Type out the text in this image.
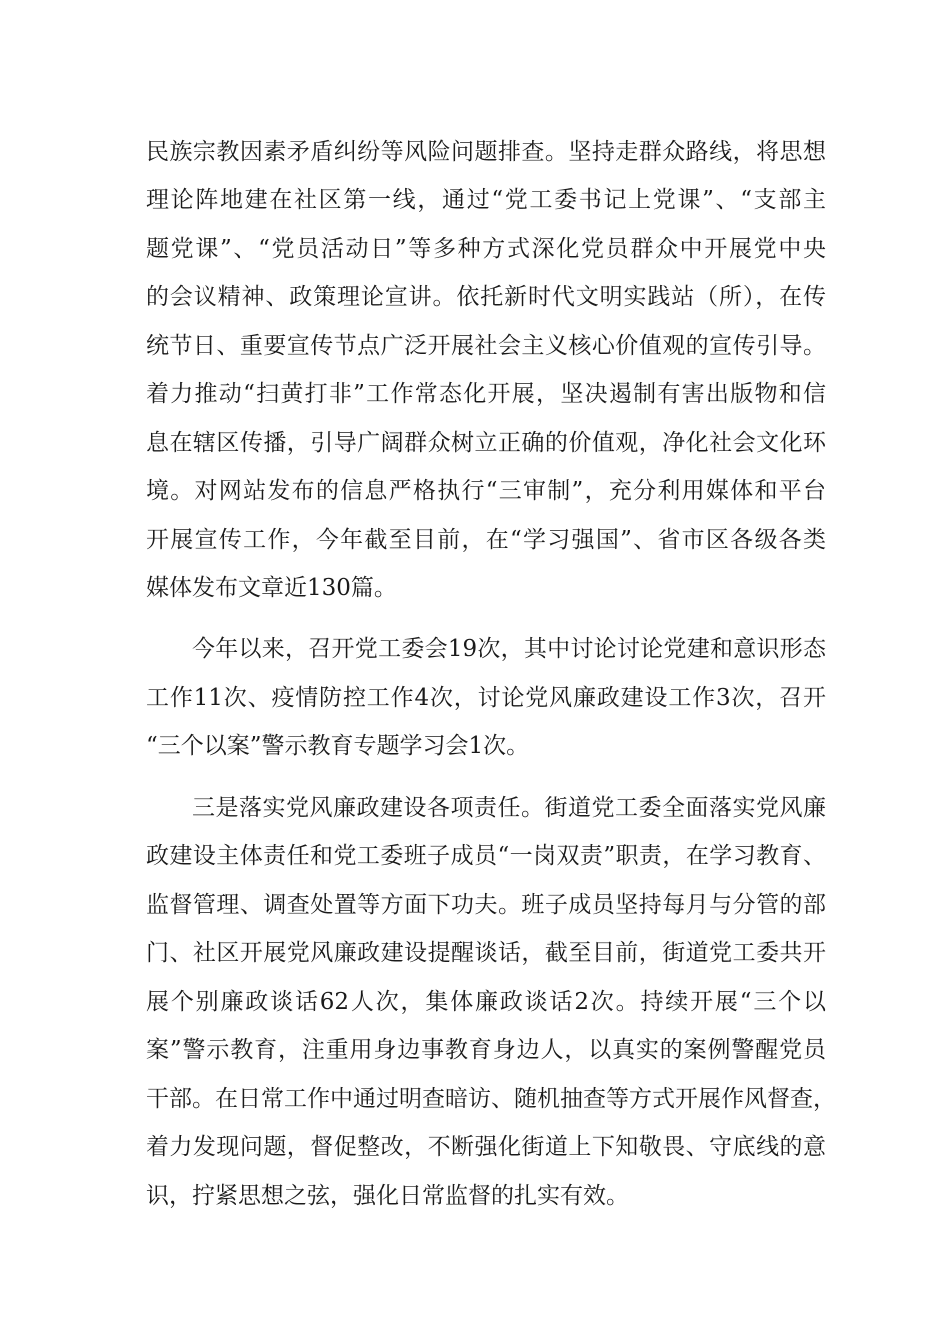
民族宗教因素矛盾纠纷等风险问题排查。坚持走群众路线，将思想
理论阵地建在社区第一线，通过“党工委书记上党课”、“支部主
题党课”、“党员活动日”等多种方式深化党员群众中开展党中央
的会议精神、政策理论宣讲。依托新时代文明实践站（所），在传
统节日、重要宣传节点广泛开展社会主义核心价值观的宣传引导。
着力推动“扫黄打非”工作常态化开展，坚决遏制有害出版物和信
息在辖区传播，引导广阔群众树立正确的价值观，净化社会文化环
境。对网站发布的信息严格执行“三审制”，充分利用媒体和平台
开展宣传工作，今年截至目前，在“学习强国”、省市区各级各类
媒体发布文章近130篇。
今年以来，召开党工委会19次，其中讨论讨论党建和意识形态
工作11次、疫情防控工作4次，讨论党风廉政建设工作3次，召开
“三个以案”警示教育专题学习会1次。
三是落实党风廉政建设各项责任。街道党工委全面落实党风廉
政建设主体责任和党工委班子成员“一岗双责”职责，在学习教育、
监督管理、调查处置等方面下功夫。班子成员坚持每月与分管的部
门、社区开展党风廉政建设提醒谈话，截至目前，街道党工委共开
展个别廉政谈话62人次，集体廉政谈话2次。持续开展“三个以
案”警示教育，注重用身边事教育身边人，以真实的案例警醒党员
干部。在日常工作中通过明查暗访、随机抽查等方式开展作风督查，
着力发现问题，督促整改，不断强化街道上下知敬畏、守底线的意
识，拧紧思想之弦，强化日常监督的扎实有效。
